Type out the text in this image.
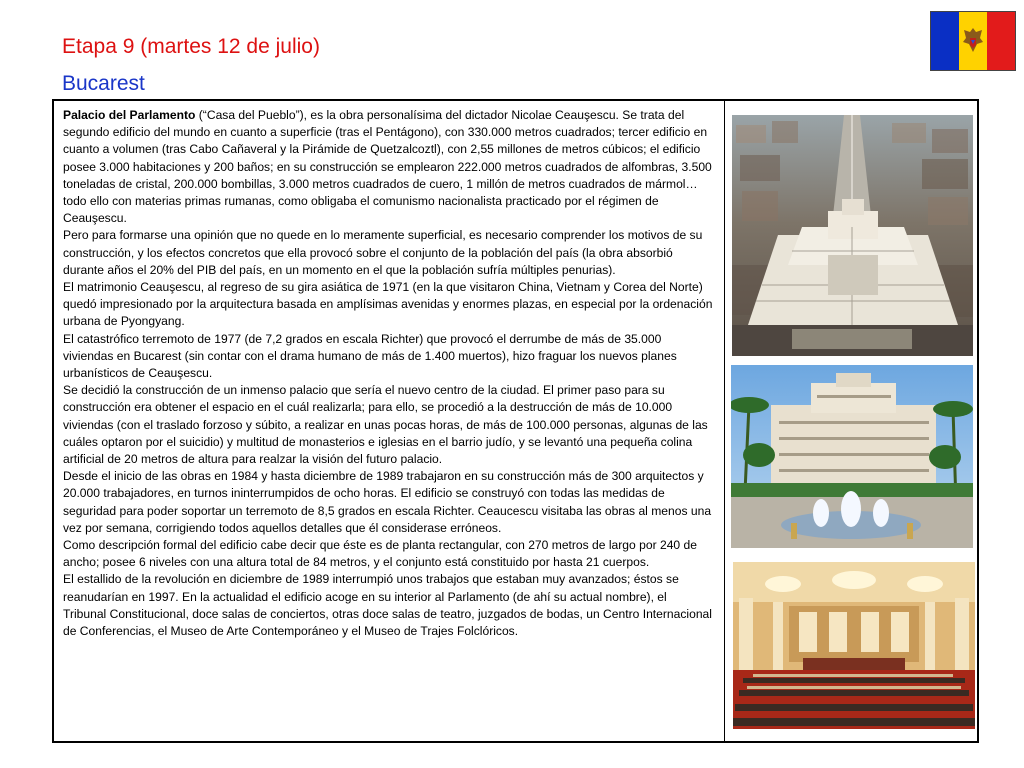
Etapa 9 (martes 12 de julio)
Bucarest

Palacio del Parlamento (“Casa del Pueblo”), es la obra personalísima del dictador Nicolae Ceauşescu. Se trata del segundo edificio del mundo en cuanto a superficie (tras el Pentágono), con 330.000 metros cuadrados; tercer edificio en cuanto a volumen (tras Cabo Cañaveral y la Pirámide de Quetzalcoztl), con 2,55 millones de metros cúbicos; el edificio posee 3.000 habitaciones y 200 baños; en su construcción se emplearon 222.000 metros cuadrados de alfombras, 3.500 toneladas de cristal, 200.000 bombillas, 3.000 metros cuadrados de cuero, 1 millón de metros cuadrados de mármol…todo ello con materias primas rumanas, como obligaba el comunismo nacionalista practicado por el régimen de Ceauşescu.

Pero para formarse una opinión que no quede en lo meramente superficial, es necesario comprender los motivos de su construcción, y los efectos concretos que ella provocó sobre el conjunto de la población del país (la obra absorbió durante años el 20% del PIB del país, en un momento en el que la población sufría múltiples penurias).

El matrimonio Ceauşescu, al regreso de su gira asiática de 1971 (en la que visitaron China, Vietnam y Corea del Norte) quedó impresionado por la arquitectura basada en amplísimas avenidas y enormes plazas, en especial por la ordenación urbana de Pyongyang.

El catastrófico terremoto de 1977 (de 7,2 grados en escala Richter) que provocó el derrumbe de más de 35.000 viviendas en Bucarest (sin contar con el drama humano de más de 1.400 muertos), hizo fraguar los nuevos planes urbanísticos de Ceauşescu.

Se decidió la construcción de un inmenso palacio que sería el nuevo centro de la ciudad. El primer paso para su construcción era obtener el espacio en el cuál realizarla; para ello, se procedió a la destrucción de más de 10.000 viviendas (con el traslado forzoso y súbito, a realizar en unas pocas horas, de más de 100.000 personas, algunas de las cuáles optaron por el suicidio) y multitud de monasterios e iglesias en el barrio judío, y se levantó una pequeña colina artificial de 20 metros de altura para realzar la visión del futuro palacio.

Desde el inicio de las obras en 1984 y hasta diciembre de 1989 trabajaron en su construcción más de 300 arquitectos y 20.000 trabajadores, en turnos ininterrumpidos de ocho horas. El edificio se construyó con todas las medidas de seguridad para poder soportar un terremoto de 8,5 grados en escala Richter. Ceaucescu visitaba las obras al menos una vez por semana, corrigiendo todos aquellos detalles que él considerase erróneos.

Como descripción formal del edificio cabe decir que éste es de planta rectangular, con 270 metros de largo por 240 de ancho; posee 6 niveles con una altura total de 84 metros, y el conjunto está constituido por hasta 21 cuerpos.

El estallido de la revolución en diciembre de 1989 interrumpió unos trabajos que estaban muy avanzados; éstos se reanudarían en 1997. En la actualidad el edificio acoge en su interior al Parlamento (de ahí su actual nombre), el Tribunal Constitucional, doce salas de conciertos, otras doce salas de teatro, juzgados de bodas, un Centro Internacional de Conferencias, el Museo de Arte Contemporáneo y el Museo de Trajes Folclóricos.
